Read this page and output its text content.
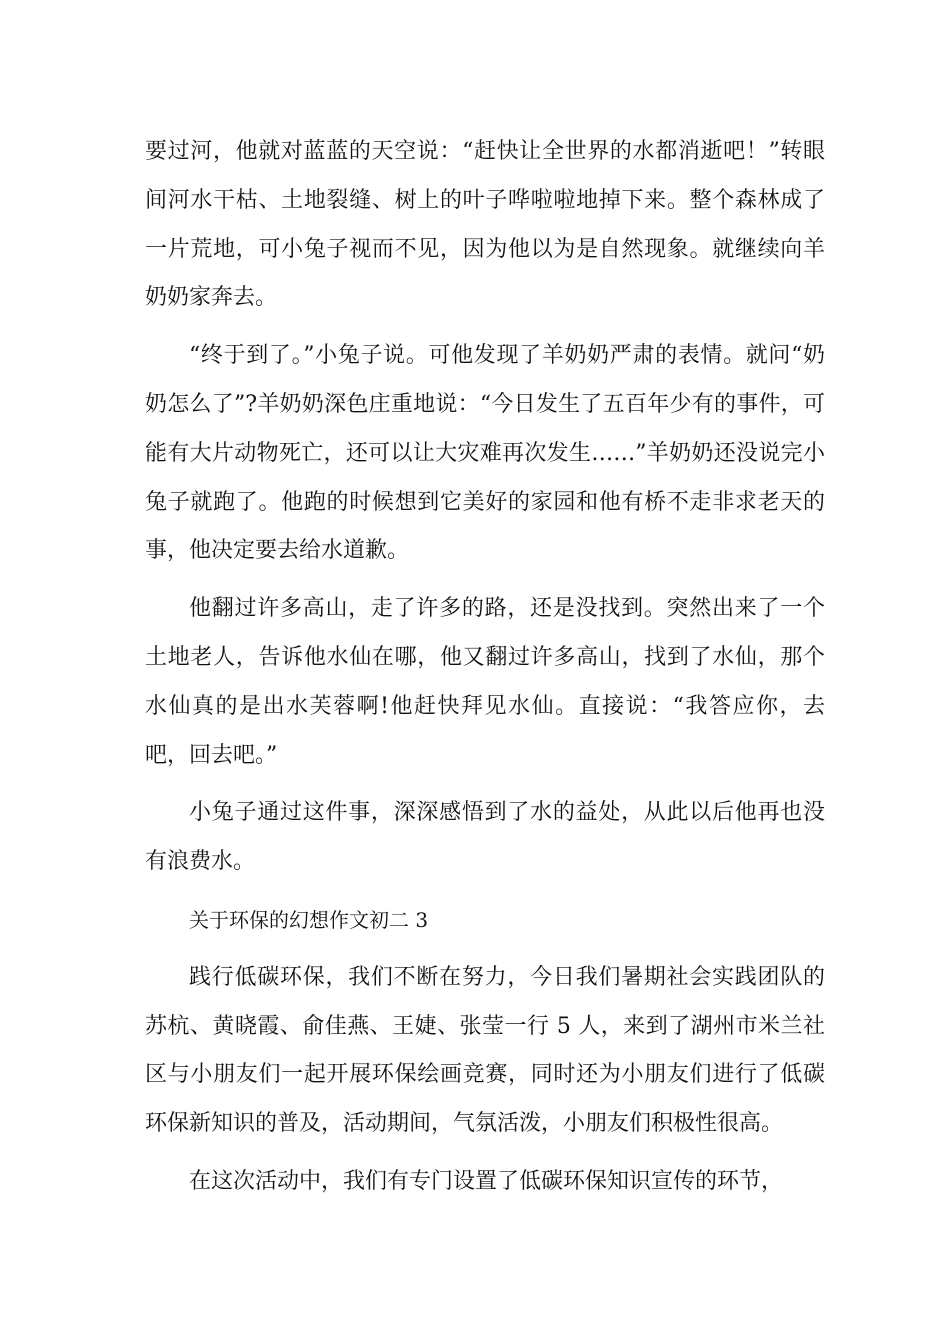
要过河，他就对蓝蓝的天空说：“赶快让全世界的水都消逝吧！”转眼间河水干枯、土地裂缝、树上的叶子哗啦啦地掉下来。整个森林成了一片荒地，可小兔子视而不见，因为他以为是自然现象。就继续向羊奶奶家奔去。

“终于到了。”小兔子说。可他发现了羊奶奶严肃的表情。就问“奶奶怎么了”?羊奶奶深色庄重地说：“今日发生了五百年少有的事件，可能有大片动物死亡，还可以让大灾难再次发生……”羊奶奶还没说完小兔子就跑了。他跑的时候想到它美好的家园和他有桥不走非求老天的事，他决定要去给水道歉。

他翻过许多高山，走了许多的路，还是没找到。突然出来了一个土地老人，告诉他水仙在哪，他又翻过许多高山，找到了水仙，那个水仙真的是出水芙蓉啊!他赶快拜见水仙。直接说：“我答应你，去吧，回去吧。”

小兔子通过这件事，深深感悟到了水的益处，从此以后他再也没有浪费水。

关于环保的幻想作文初二 3

践行低碳环保，我们不断在努力，今日我们暑期社会实践团队的苏杭、黄晓霞、俞佳燕、王婕、张莹一行 5 人，来到了湖州市米兰社区与小朋友们一起开展环保绘画竞赛，同时还为小朋友们进行了低碳环保新知识的普及，活动期间，气氛活泼，小朋友们积极性很高。

在这次活动中，我们有专门设置了低碳环保知识宣传的环节，
